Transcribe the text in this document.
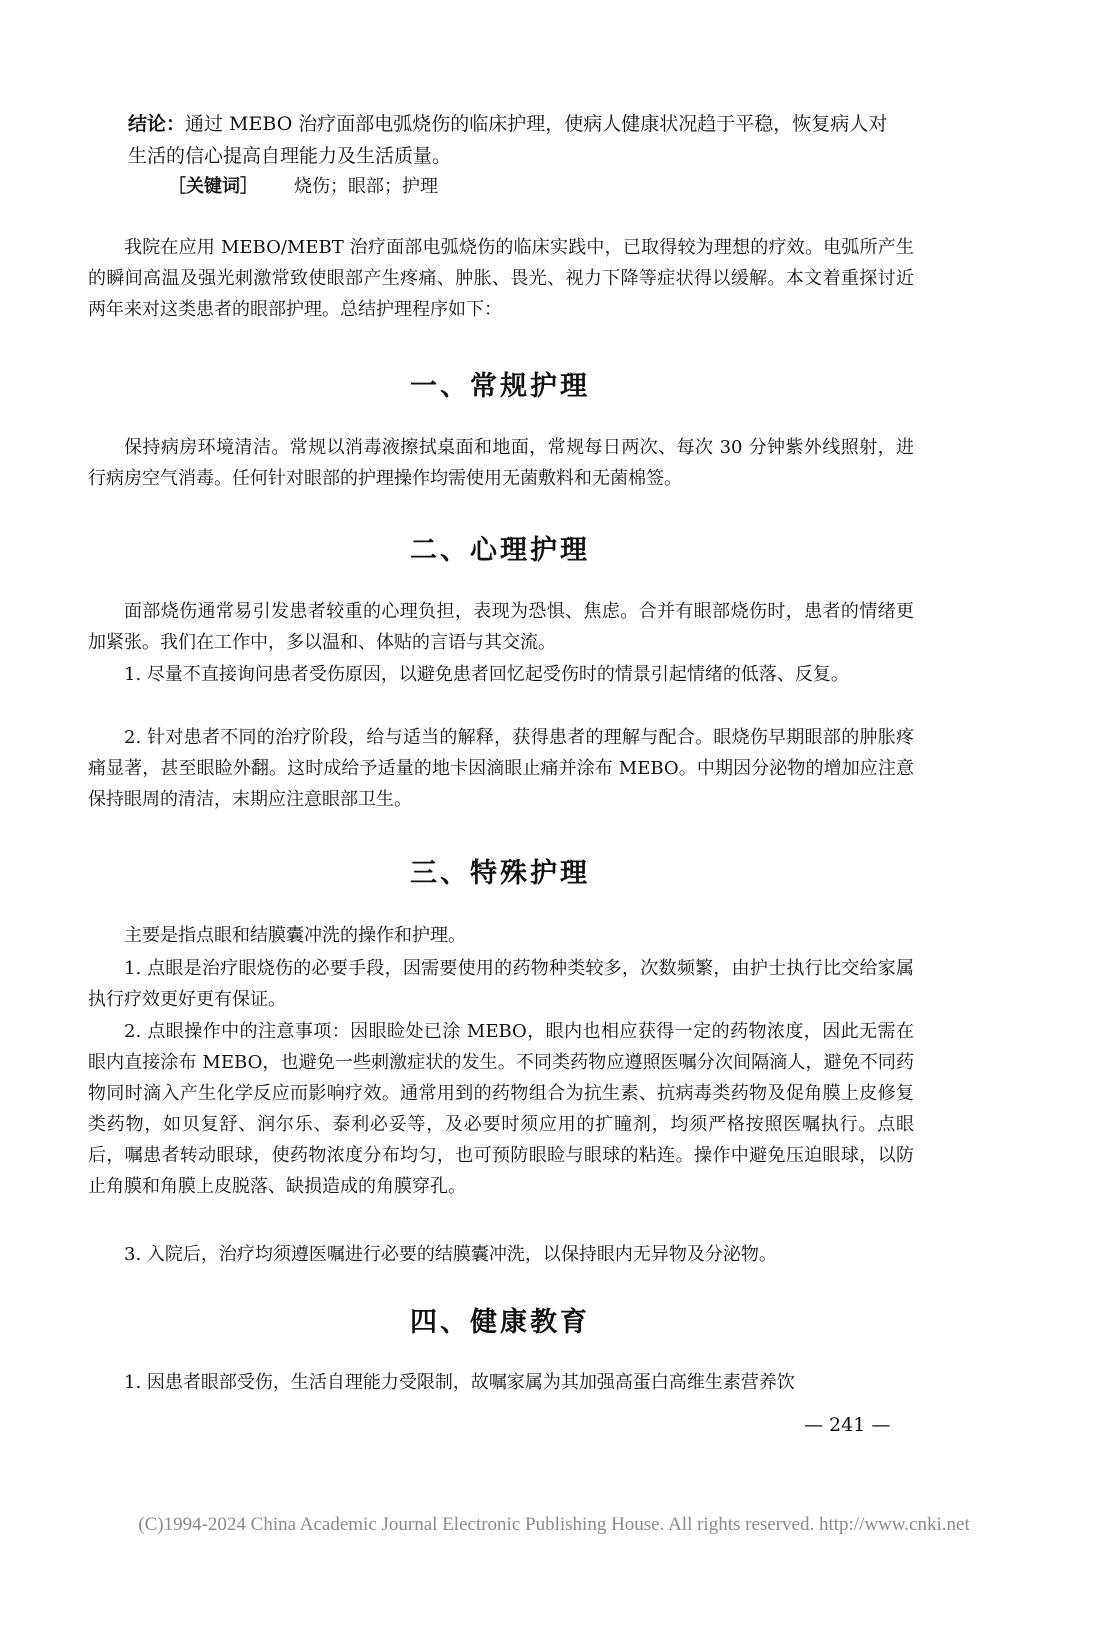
结论：通过 MEBO 治疗面部电弧烧伤的临床护理，使病人健康状况趋于平稳，恢复病人对生活的信心提高自理能力及生活质量。
［关键词］ 烧伤；眼部；护理
我院在应用 MEBO/MEBT 治疗面部电弧烧伤的临床实践中，已取得较为理想的疗效。电弧所产生的瞬间高温及强光刺激常致使眼部产生疼痛、肿胀、畏光、视力下降等症状得以缓解。本文着重探讨近两年来对这类患者的眼部护理。总结护理程序如下：
一、常规护理
保持病房环境清洁。常规以消毒液擦拭桌面和地面，常规每日两次、每次 30 分钟紫外线照射，进行病房空气消毒。任何针对眼部的护理操作均需使用无菌敷料和无菌棉签。
二、心理护理
面部烧伤通常易引发患者较重的心理负担，表现为恐惧、焦虑。合并有眼部烧伤时，患者的情绪更加紧张。我们在工作中，多以温和、体贴的言语与其交流。
1. 尽量不直接询问患者受伤原因，以避免患者回忆起受伤时的情景引起情绪的低落、反复。
2. 针对患者不同的治疗阶段，给与适当的解释，获得患者的理解与配合。眼烧伤早期眼部的肿胀疼痛显著，甚至眼睑外翻。这时成给予适量的地卡因滴眼止痛并涂布 MEBO。中期因分泌物的增加应注意保持眼周的清洁，末期应注意眼部卫生。
三、特殊护理
主要是指点眼和结膜囊冲洗的操作和护理。
1. 点眼是治疗眼烧伤的必要手段，因需要使用的药物种类较多，次数频繁，由护士执行比交给家属执行疗效更好更有保证。
2. 点眼操作中的注意事项：因眼睑处已涂 MEBO，眼内也相应获得一定的药物浓度，因此无需在眼内直接涂布 MEBO，也避免一些刺激症状的发生。不同类药物应遵照医嘱分次间隔滴人，避免不同药物同时滴入产生化学反应而影响疗效。通常用到的药物组合为抗生素、抗病毒类药物及促角膜上皮修复类药物，如贝复舒、润尔乐、泰利必妥等，及必要时须应用的扩瞳剂，均须严格按照医嘱执行。点眼后，嘱患者转动眼球，使药物浓度分布均匀，也可预防眼睑与眼球的粘连。操作中避免压迫眼球，以防止角膜和角膜上皮脱落、缺损造成的角膜穿孔。
3. 入院后，治疗均须遵医嘱进行必要的结膜囊冲洗，以保持眼内无异物及分泌物。
四、健康教育
1. 因患者眼部受伤，生活自理能力受限制，故嘱家属为其加强高蛋白高维生素营养饮
— 241 —
(C)1994-2024 China Academic Journal Electronic Publishing House. All rights reserved. http://www.cnki.net
